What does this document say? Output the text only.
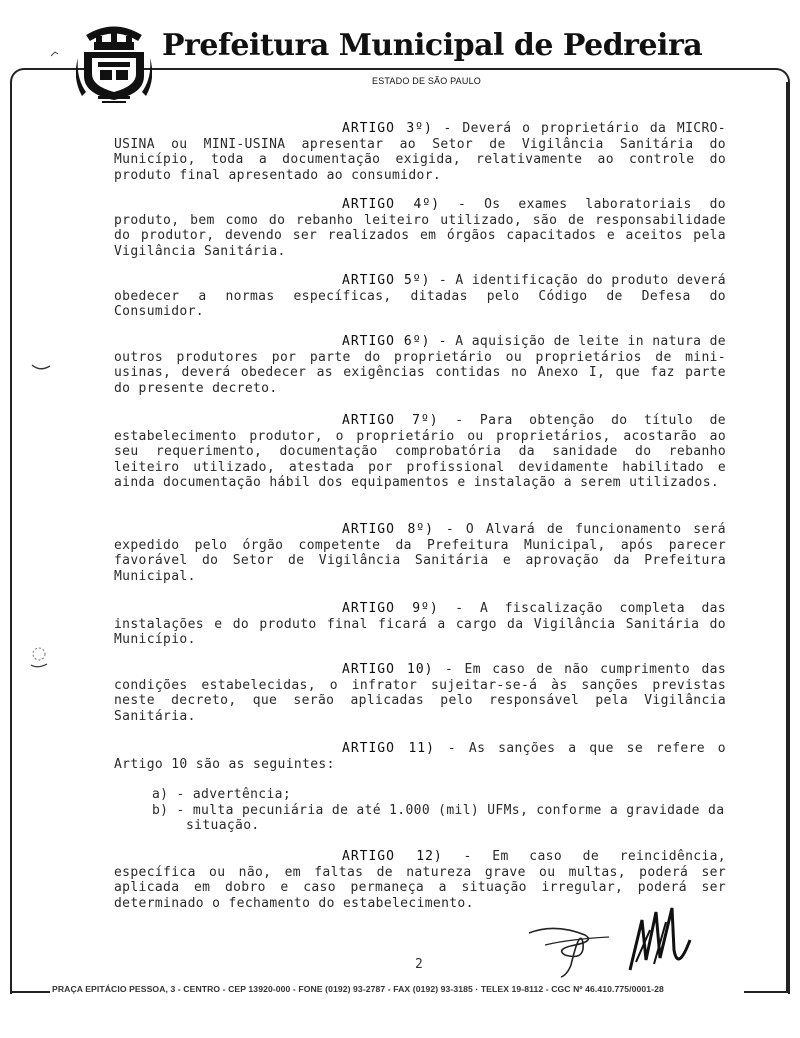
Prefeitura Municipal de Pedreira
ESTADO DE SÃO PAULO

ARTIGO 3º) - Deverá o proprietário da MICRO-USINA ou MINI-USINA apresentar ao Setor de Vigilância Sanitária do Município, toda a documentação exigida, relativamente ao controle do produto final apresentado ao consumidor.

ARTIGO 4º) - Os exames laboratoriais do produto, bem como do rebanho leiteiro utilizado, são de responsabilidade do produtor, devendo ser realizados em órgãos capacitados e aceitos pela Vigilância Sanitária.

ARTIGO 5º) - A identificação do produto deverá obedecer a normas específicas, ditadas pelo Código de Defesa do Consumidor.

ARTIGO 6º) - A aquisição de leite in natura de outros produtores por parte do proprietário ou proprietários de mini-usinas, deverá obedecer as exigências contidas no Anexo I, que faz parte do presente decreto.

ARTIGO 7º) - Para obtenção do título de estabelecimento produtor, o proprietário ou proprietários, acostarão ao seu requerimento, documentação comprobatória da sanidade do rebanho leiteiro utilizado, atestada por profissional devidamente habilitado e ainda documentação hábil dos equipamentos e instalação a serem utilizados.

ARTIGO 8º) - O Alvará de funcionamento será expedido pelo órgão competente da Prefeitura Municipal, após parecer favorável do Setor de Vigilância Sanitária e aprovação da Prefeitura Municipal.

ARTIGO 9º) - A fiscalização completa das instalações e do produto final ficará a cargo da Vigilância Sanitária do Município.

ARTIGO 10) - Em caso de não cumprimento das condições estabelecidas, o infrator sujeitar-se-á às sanções previstas neste decreto, que serão aplicadas pelo responsável pela Vigilância Sanitária.

ARTIGO 11) - As sanções a que se refere o Artigo 10 são as seguintes:

a) - advertência;

b) - multa pecuniária de até 1.000 (mil) UFMs, conforme a gravidade da situação.

ARTIGO 12) - Em caso de reincidência, específica ou não, em faltas de natureza grave ou multas, poderá ser aplicada em dobro e caso permaneça a situação irregular, poderá ser determinado o fechamento do estabelecimento.

2
PRAÇA EPITÁCIO PESSOA, 3 - CENTRO - CEP 13920-000 - FONE (0192) 93-2787 - FAX (0192) 93-3185 · TELEX 19-8112 - CGC Nº 46.410.775/0001-28
